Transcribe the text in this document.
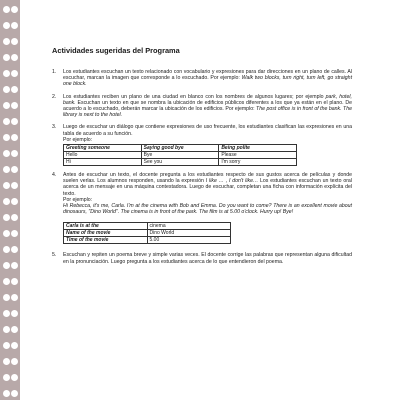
Actividades sugeridas del Programa
1.	Los estudiantes escuchan un texto relacionado con vocabulario y expresiones para dar direcciones en un plano de calles. Al escuchar, marcan la imagen que corresponde a lo escuchado. Por ejemplo: Walk two blocks, turn right, turn left, go straight one block.

2.	Los estudiantes reciben un plano de una ciudad en blanco con los nombres de algunos lugares; por ejemplo park, hotel, bank. Escuchan un texto en que se nombra la ubicación de edificios públicos diferentes a los que ya están en el plano. De acuerdo a lo escuchado, deberán marcar la ubicación de los edificios. Por ejemplo: The post office is in front of the bank. The library is next to the hotel.

3.	Luego de escuchar un diálogo que contiene expresiones de uso frecuente, los estudiantes clasifican las expresiones en una tabla de acuerdo a su función.

Por ejemplo:

Greeting someone	Saying good bye	Being polite
Hello	Bye	Please
Hi	See you	I'm sorry
4.	Antes de escuchar un texto, el docente pregunta a los estudiantes respecto de sus gustos acerca de películas y donde suelen verlas. Los alumnos responden, usando la expresión I like … , I don't like… Los estudiantes escuchan un texto oral acerca de un mensaje en una máquina contestadora. Luego de escuchar, completan una ficha con información explícita del texto.

Por ejemplo:

Hi Rebecca, it's me, Carla. I'm at the cinema with Bob and Emma. Do you want to come? There is an excellent movie about dinosaurs, "Dino World". The cinema is in front of the park. The film is at 5.00 o'clock. Hurry up! Bye!

Carla is at the	cinema
Name of the movie	Dino World
Time of the movie	5.00
5.	Escuchan y repiten un poema breve y simple varias veces. El docente corrige las palabras que representan alguna dificultad en la pronunciación. Luego pregunta a los estudiantes acerca de lo que entendieron del poema.
